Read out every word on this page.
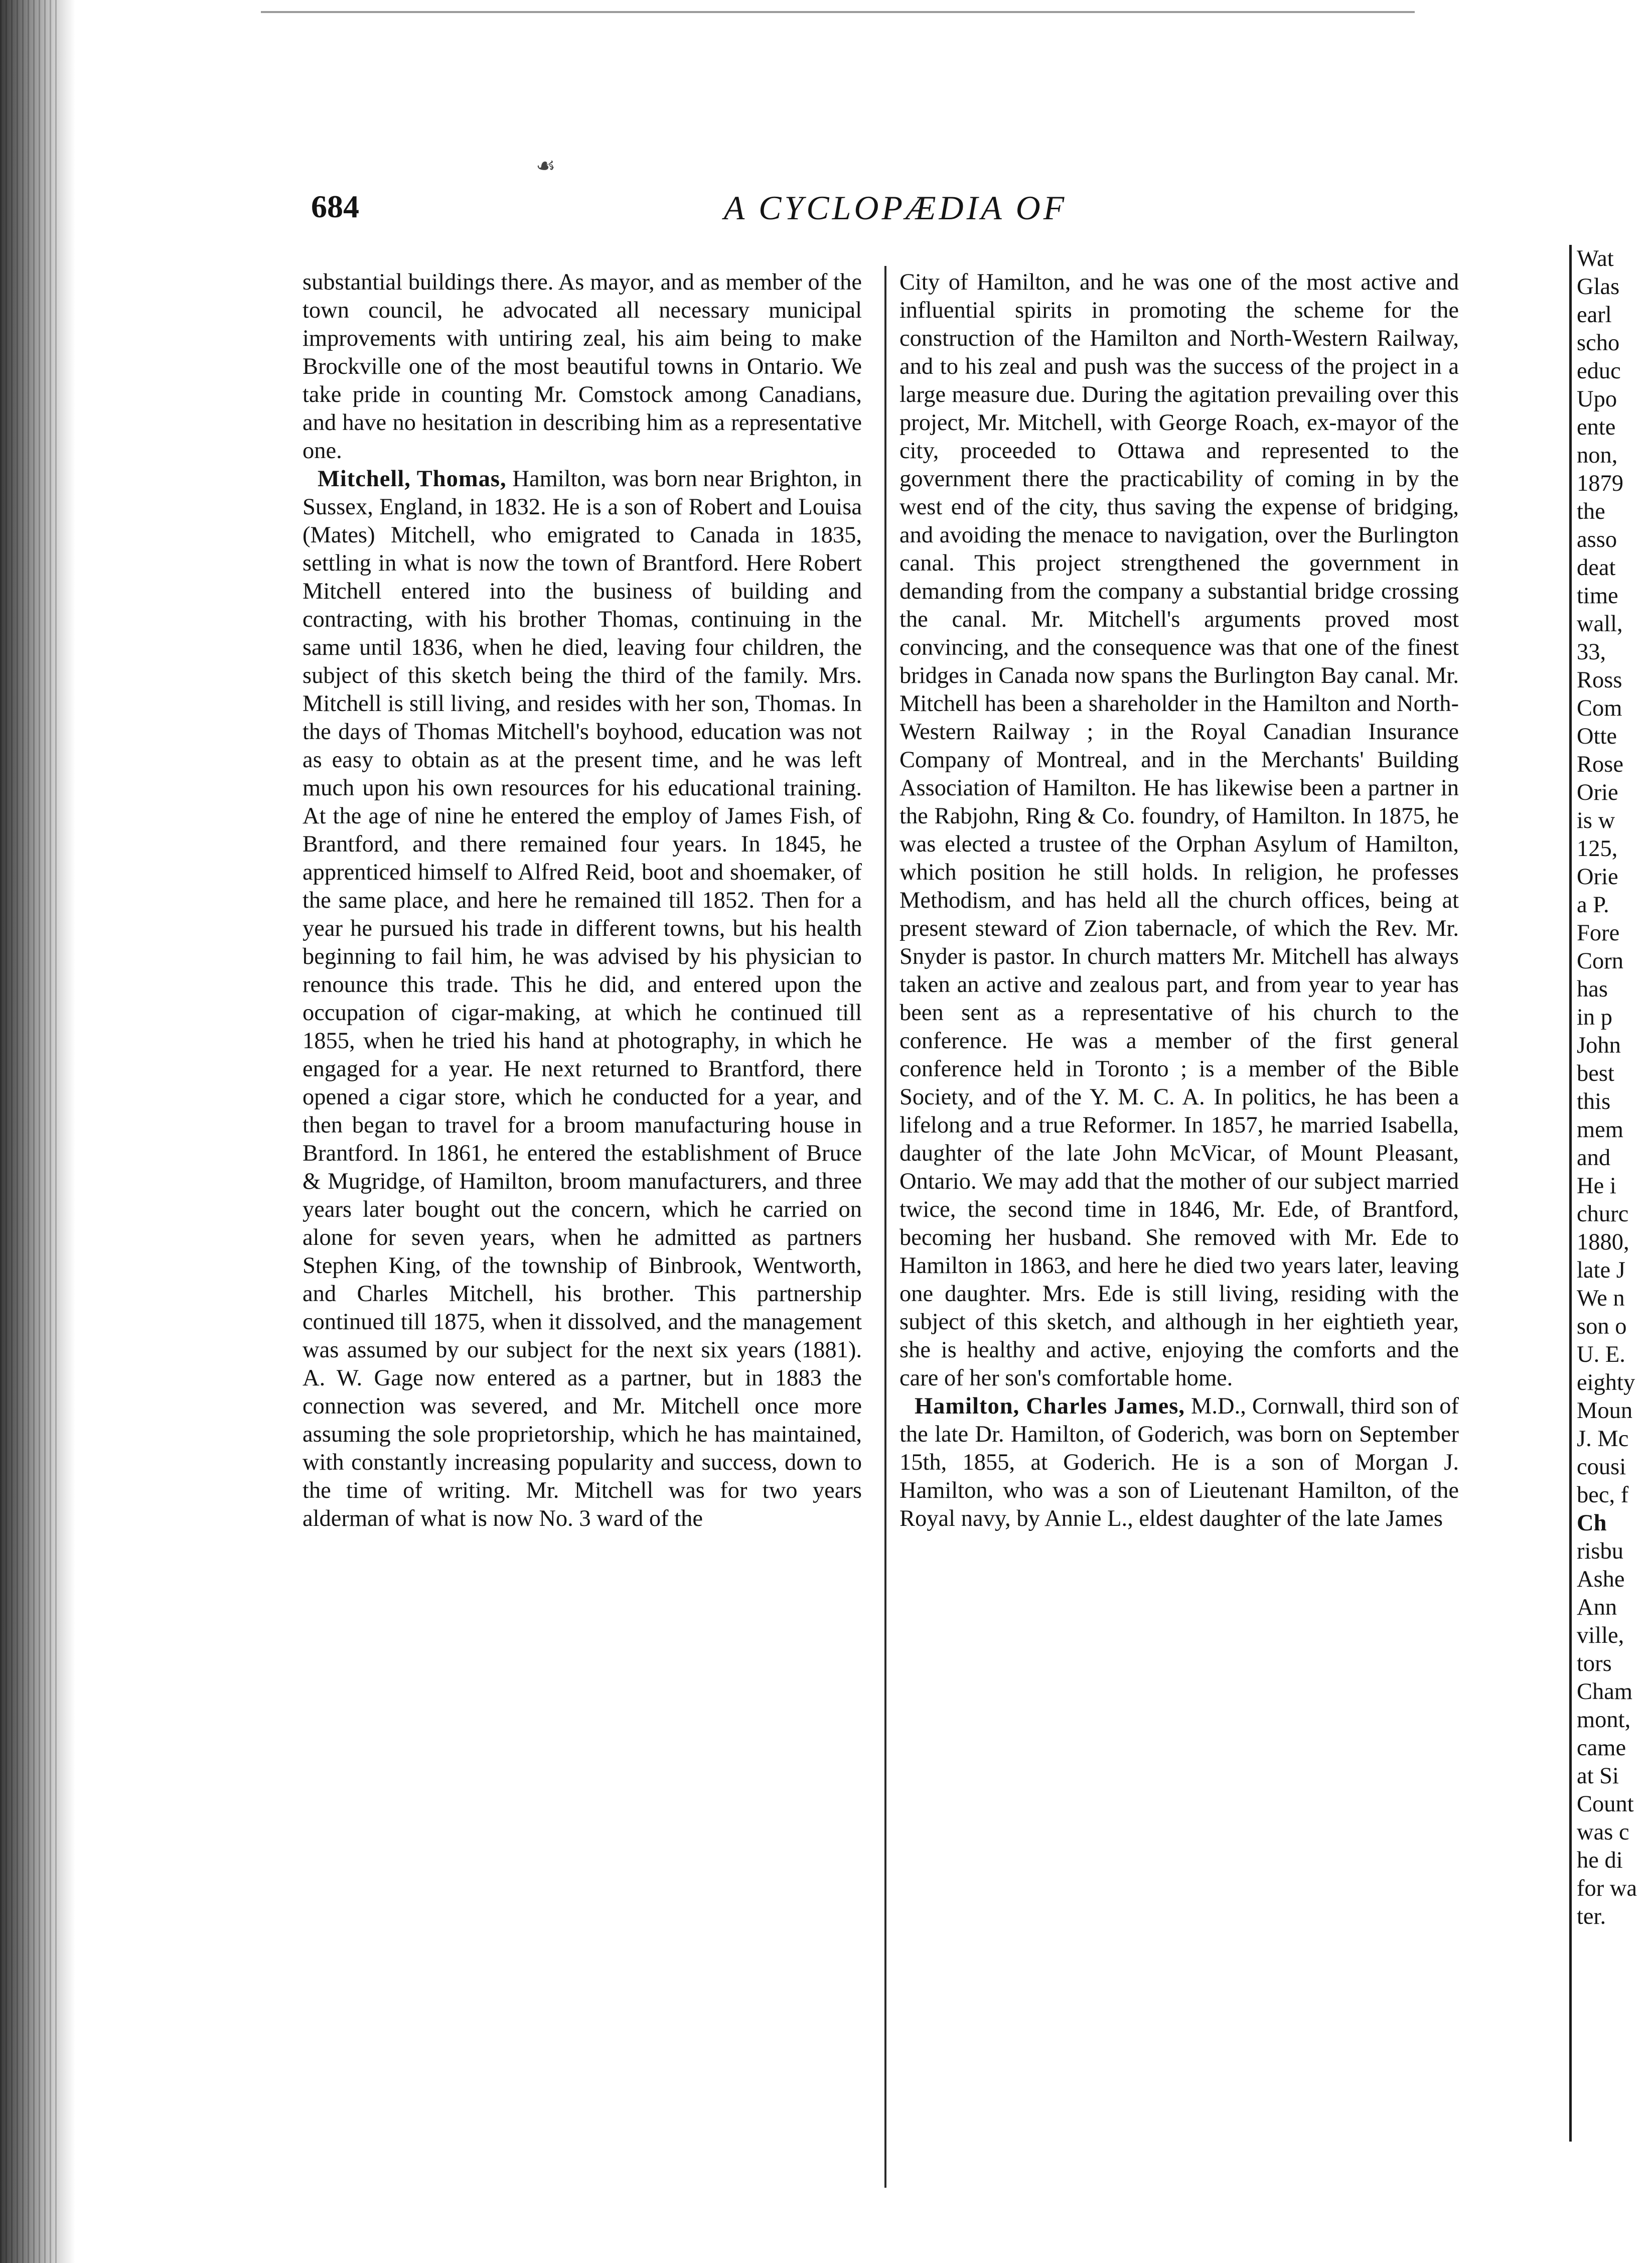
☙
684	A CYCLOPÆDIA OF

substantial buildings there. As mayor, and as member of the town council, he advocated all necessary municipal improvements with untiring zeal, his aim being to make Brockville one of the most beautiful towns in Ontario. We take pride in counting Mr. Comstock among Canadians, and have no hesitation in describing him as a representative one.

Mitchell, Thomas, Hamilton, was born near Brighton, in Sussex, England, in 1832. He is a son of Robert and Louisa (Mates) Mitchell, who emigrated to Canada in 1835, settling in what is now the town of Brantford. Here Robert Mitchell entered into the business of building and contracting, with his brother Thomas, continuing in the same until 1836, when he died, leaving four children, the subject of this sketch being the third of the family. Mrs. Mitchell is still living, and resides with her son, Thomas. In the days of Thomas Mitchell's boyhood, education was not as easy to obtain as at the present time, and he was left much upon his own resources for his educational training. At the age of nine he entered the employ of James Fish, of Brantford, and there remained four years. In 1845, he apprenticed himself to Alfred Reid, boot and shoemaker, of the same place, and here he remained till 1852. Then for a year he pursued his trade in different towns, but his health beginning to fail him, he was advised by his physician to renounce this trade. This he did, and entered upon the occupation of cigar-making, at which he continued till 1855, when he tried his hand at photography, in which he engaged for a year. He next returned to Brantford, there opened a cigar store, which he conducted for a year, and then began to travel for a broom manufacturing house in Brantford. In 1861, he entered the establishment of Bruce & Mugridge, of Hamilton, broom manufacturers, and three years later bought out the concern, which he carried on alone for seven years, when he admitted as partners Stephen King, of the township of Binbrook, Wentworth, and Charles Mitchell, his brother. This partnership continued till 1875, when it dissolved, and the management was assumed by our subject for the next six years (1881). A. W. Gage now entered as a partner, but in 1883 the connection was severed, and Mr. Mitchell once more assuming the sole proprietorship, which he has maintained, with constantly increasing popularity and success, down to the time of writing. Mr. Mitchell was for two years alderman of what is now No. 3 ward of the

City of Hamilton, and he was one of the most active and influential spirits in promoting the scheme for the construction of the Hamilton and North-Western Railway, and to his zeal and push was the success of the project in a large measure due. During the agitation prevailing over this project, Mr. Mitchell, with George Roach, ex-mayor of the city, proceeded to Ottawa and represented to the government there the practicability of coming in by the west end of the city, thus saving the expense of bridging, and avoiding the menace to navigation, over the Burlington canal. This project strengthened the government in demanding from the company a substantial bridge crossing the canal. Mr. Mitchell's arguments proved most convincing, and the consequence was that one of the finest bridges in Canada now spans the Burlington Bay canal. Mr. Mitchell has been a shareholder in the Hamilton and North-Western Railway ; in the Royal Canadian Insurance Company of Montreal, and in the Merchants' Building Association of Hamilton. He has likewise been a partner in the Rabjohn, Ring & Co. foundry, of Hamilton. In 1875, he was elected a trustee of the Orphan Asylum of Hamilton, which position he still holds. In religion, he professes Methodism, and has held all the church offices, being at present steward of Zion tabernacle, of which the Rev. Mr. Snyder is pastor. In church matters Mr. Mitchell has always taken an active and zealous part, and from year to year has been sent as a representative of his church to the conference. He was a member of the first general conference held in Toronto ; is a member of the Bible Society, and of the Y. M. C. A. In politics, he has been a lifelong and a true Reformer. In 1857, he married Isabella, daughter of the late John McVicar, of Mount Pleasant, Ontario. We may add that the mother of our subject married twice, the second time in 1846, Mr. Ede, of Brantford, becoming her husband. She removed with Mr. Ede to Hamilton in 1863, and here he died two years later, leaving one daughter. Mrs. Ede is still living, residing with the subject of this sketch, and although in her eightieth year, she is healthy and active, enjoying the comforts and the care of her son's comfortable home.

Hamilton, Charles James, M.D., Cornwall, third son of the late Dr. Hamilton, of Goderich, was born on September 15th, 1855, at Goderich. He is a son of Morgan J. Hamilton, who was a son of Lieutenant Hamilton, of the Royal navy, by Annie L., eldest daughter of the late James

Wat
Glas
earl
scho
educ
Upo
ente
non,
1879
the
asso
deat
time
wall,
33,
Ross
Com
Otte
Rose
Orie
is w
125,
Orie
a P.
Fore
Corn
has
in p
John
best
this
mem
and
He i
churc
1880,
late J
We n
son o
U. E.
eighty
Moun
J. Mc
cousi
bec, f
Ch
risbu
Ashe
Ann
ville,
tors
Cham
mont,
came
at Si
Count
was c
he di
for wa
ter.
